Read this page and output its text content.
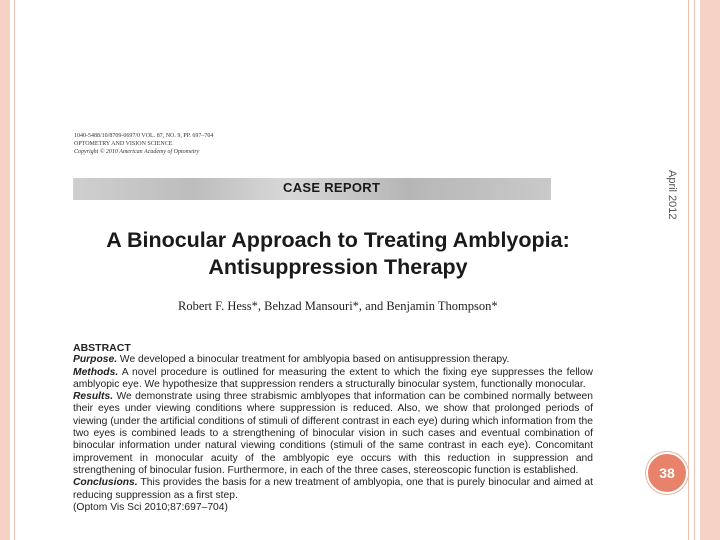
April 2012
38
1040-5488/10/8709-0697/0 VOL. 87, NO. 9, PP. 697–704
OPTOMETRY AND VISION SCIENCE
Copyright © 2010 American Academy of Optometry
CASE REPORT
A Binocular Approach to Treating Amblyopia:
Antisuppression Therapy
Robert F. Hess*, Behzad Mansouri*, and Benjamin Thompson*
ABSTRACT

Purpose. We developed a binocular treatment for amblyopia based on antisuppression therapy.

Methods. A novel procedure is outlined for measuring the extent to which the fixing eye suppresses the fellow amblyopic eye. We hypothesize that suppression renders a structurally binocular system, functionally monocular.

Results. We demonstrate using three strabismic amblyopes that information can be combined normally between their eyes under viewing conditions where suppression is reduced. Also, we show that prolonged periods of viewing (under the artificial conditions of stimuli of different contrast in each eye) during which information from the two eyes is combined leads to a strengthening of binocular vision in such cases and eventual combination of binocular information under natural viewing conditions (stimuli of the same contrast in each eye). Concomitant improvement in monocular acuity of the amblyopic eye occurs with this reduction in suppression and strengthening of binocular fusion. Furthermore, in each of the three cases, stereoscopic function is established.

Conclusions. This provides the basis for a new treatment of amblyopia, one that is purely binocular and aimed at reducing suppression as a first step.

(Optom Vis Sci 2010;87:697–704)
